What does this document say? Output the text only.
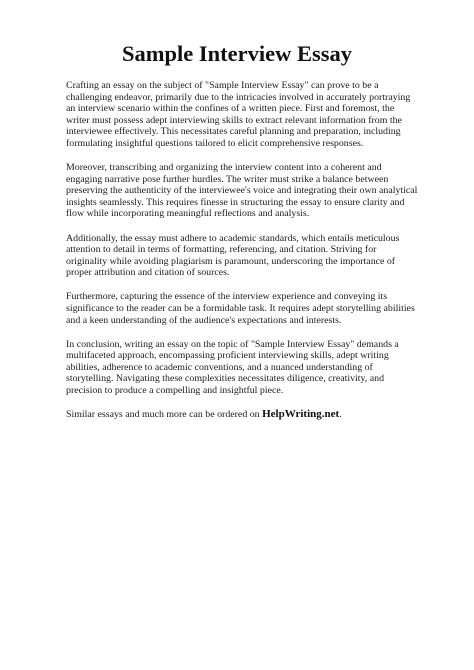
Sample Interview Essay

Crafting an essay on the subject of "Sample Interview Essay" can prove to be a challenging endeavor, primarily due to the intricacies involved in accurately portraying an interview scenario within the confines of a written piece. First and foremost, the writer must possess adept interviewing skills to extract relevant information from the interviewee effectively. This necessitates careful planning and preparation, including formulating insightful questions tailored to elicit comprehensive responses.

Moreover, transcribing and organizing the interview content into a coherent and engaging narrative pose further hurdles. The writer must strike a balance between preserving the authenticity of the interviewee's voice and integrating their own analytical insights seamlessly. This requires finesse in structuring the essay to ensure clarity and flow while incorporating meaningful reflections and analysis.

Additionally, the essay must adhere to academic standards, which entails meticulous attention to detail in terms of formatting, referencing, and citation. Striving for originality while avoiding plagiarism is paramount, underscoring the importance of proper attribution and citation of sources.

Furthermore, capturing the essence of the interview experience and conveying its significance to the reader can be a formidable task. It requires adept storytelling abilities and a keen understanding of the audience's expectations and interests.

In conclusion, writing an essay on the topic of "Sample Interview Essay" demands a multifaceted approach, encompassing proficient interviewing skills, adept writing abilities, adherence to academic conventions, and a nuanced understanding of storytelling. Navigating these complexities necessitates diligence, creativity, and precision to produce a compelling and insightful piece.

Similar essays and much more can be ordered on HelpWriting.net.
